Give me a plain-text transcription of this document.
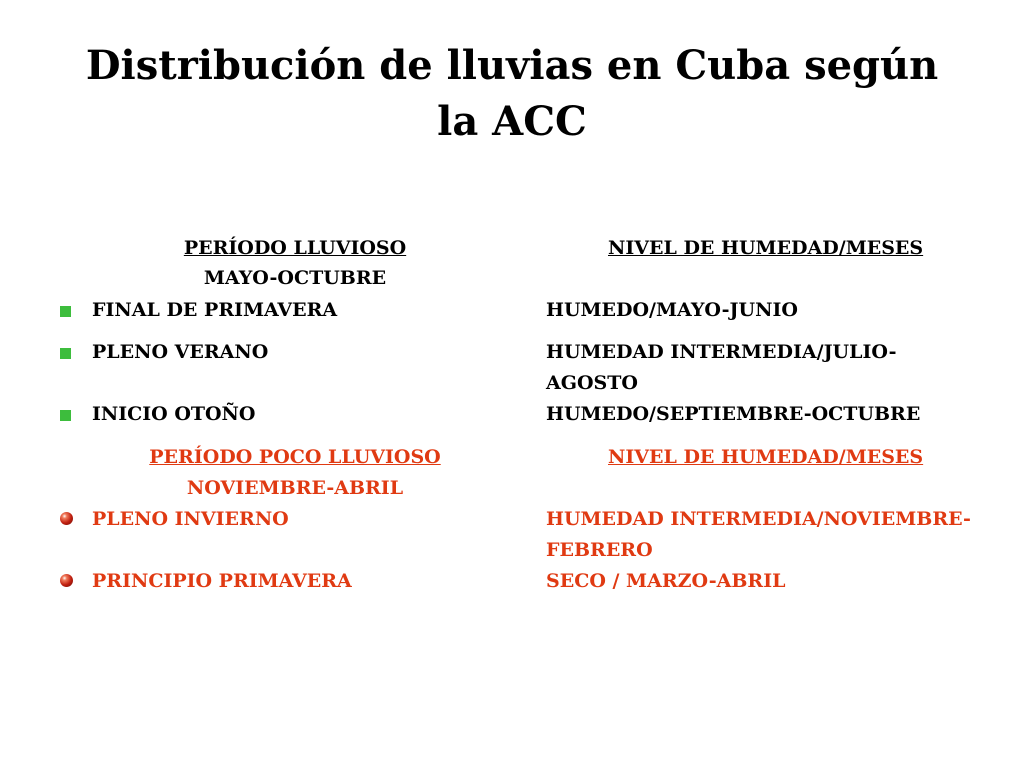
Distribución de lluvias en Cuba según
la ACC
PERÍODO LLUVIOSO	NIVEL DE HUMEDAD/MESES
MAYO-OCTUBRE
FINAL DE PRIMAVERA	HUMEDO/MAYO-JUNIO
PLENO VERANO	HUMEDAD INTERMEDIA/JULIO-
AGOSTO
INICIO OTOÑO	HUMEDO/SEPTIEMBRE-OCTUBRE
PERÍODO POCO LLUVIOSO	NIVEL DE HUMEDAD/MESES
NOVIEMBRE-ABRIL
PLENO INVIERNO	HUMEDAD INTERMEDIA/NOVIEMBRE-
FEBRERO
PRINCIPIO PRIMAVERA	SECO / MARZO-ABRIL
